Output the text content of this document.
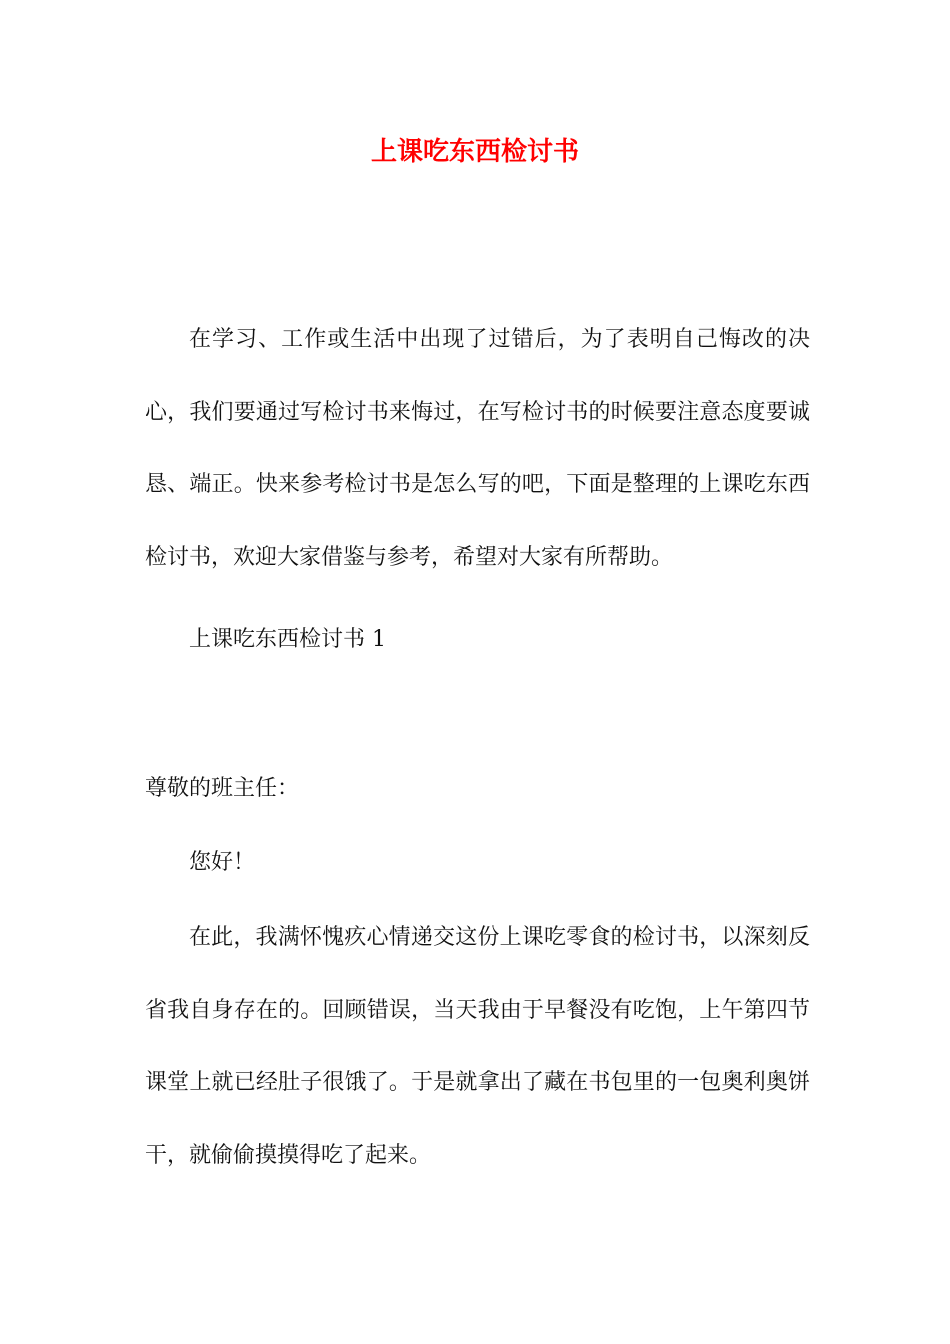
上课吃东西检讨书

在学习、工作或生活中出现了过错后，为了表明自己悔改的决心，我们要通过写检讨书来悔过，在写检讨书的时候要注意态度要诚恳、端正。快来参考检讨书是怎么写的吧，下面是整理的上课吃东西检讨书，欢迎大家借鉴与参考，希望对大家有所帮助。

上课吃东西检讨书 1
尊敬的班主任：
您好！

在此，我满怀愧疚心情递交这份上课吃零食的检讨书，以深刻反省我自身存在的。回顾错误，当天我由于早餐没有吃饱，上午第四节课堂上就已经肚子很饿了。于是就拿出了藏在书包里的一包奥利奥饼干，就偷偷摸摸得吃了起来。
